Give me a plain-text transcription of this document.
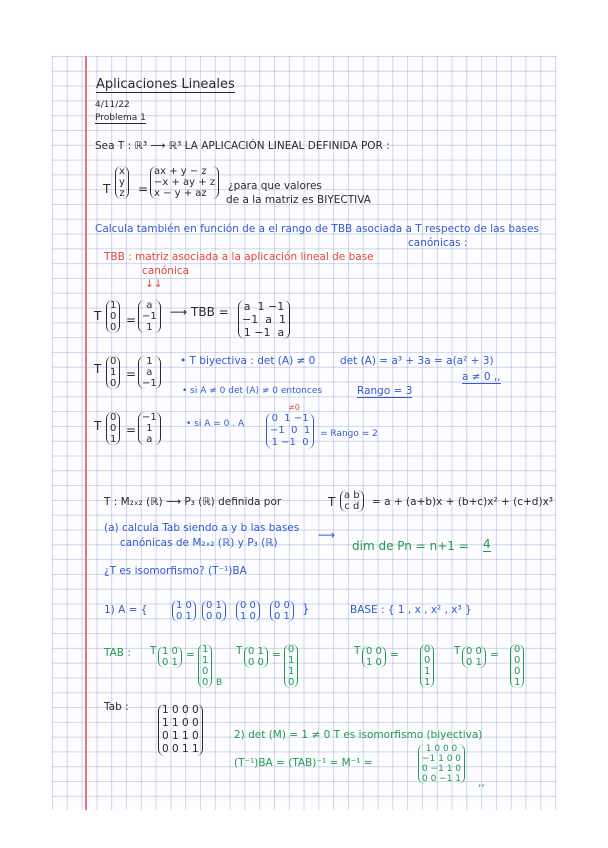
Aplicaciones Lineales
4/11/22
Problema 1
Sea T : ℝ³ ⟶ ℝ³ LA APLICACIÓN LINEAL DEFINIDA POR :
T
x
y
z	=
ax + y − z
−x + ay + z
x − y + az
¿para que valores
de a la matriz es BIYECTIVA
Calcula también en función de a el rango de TBB asociada a T respecto de las bases
canónicas :
TBB : matriz asociada a la aplicación lineal de base
canónica
↓↓
T
1
0
0
=
a
−1
1
⟶ TBB =	a  1 −1
−1  a  1
1 −1  a
T
0
1
0
=
1
a
−1
• T biyectiva : det (A) ≠ 0 det (A) = a³ + 3a = a(a² + 3)
a ≠ 0 ,,
• si A ≠ 0 det (A) ≠ 0 entonces	Rango = 3
T
0
0
1
=
−1
1
a
• si A = 0 . A
≠0
0  1 −1
−1  0  1
1 −1  0
= Rango = 2
T : M₂ₓ₂ (ℝ) ⟶ P₃ (ℝ) definida por	T a b
c d	= a + (a+b)x + (b+c)x² + (c+d)x³
(a) calcula Tab siendo a y b las bases
canónicas de M₂ₓ₂ (ℝ) y P₃ (ℝ)
⟶
dim de Pn = n+1 = 4
¿T es isomorfismo? (T⁻¹)BA
1) A = {	1 0
0 1
0 1
0 0
0 0
1 0
0 0
0 1
}	BASE : { 1 , x , x² , x³ }
TAB : T 1 0
0 1
= 1
1
0
0 B
T 0 1
0 0
= 0
1
1
0
T 0 0
1 0
=	0
0
1
1
T 0 0
0 1
=	0
0
0
1
Tab :	1 0 0 0
1 1 0 0
0 1 1 0
0 0 1 1
2) det (M) = 1 ≠ 0 T es isomorfismo (biyectiva)
(T⁻¹)BA = (TAB)⁻¹ = M⁻¹ =
1 0 0 0
−1 1 0 0
0 −1 1 0
0 0 −1 1	,,
